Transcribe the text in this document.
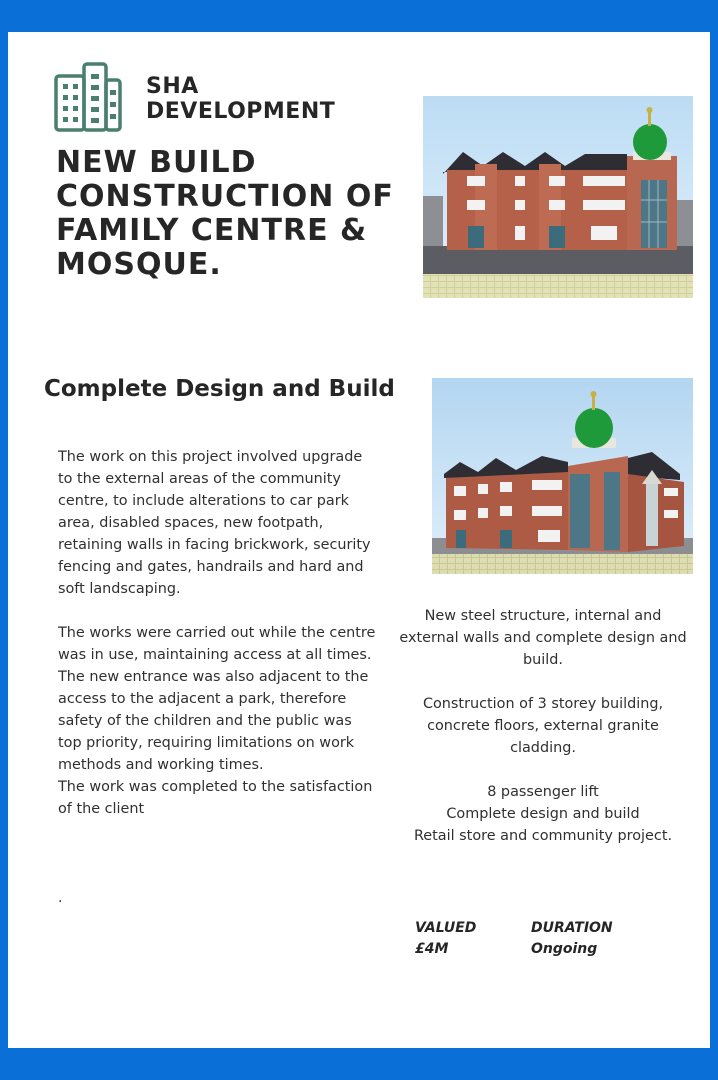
SHA
DEVELOPMENT
NEW BUILD
CONSTRUCTION OF
FAMILY CENTRE &
MOSQUE.
Complete Design and Build

The work on this project involved upgrade to the external areas of the community centre, to include alterations to car park area, disabled spaces, new footpath, retaining walls in facing brickwork, security fencing and gates, handrails and hard and soft landscaping.

The works were carried out while the centre was in use, maintaining access at all times. The new entrance was also adjacent to the access to the adjacent a park, therefore safety of the children and the public was top priority, requiring limitations on work methods and working times.

The work was completed to the satisfaction of the client

.

New steel structure, internal and external walls and complete design and build.

Construction of 3 storey building, concrete floors, external granite cladding.

8 passenger lift

Complete design and build

Retail store and community project.

VALUED
£4M
DURATION
Ongoing
